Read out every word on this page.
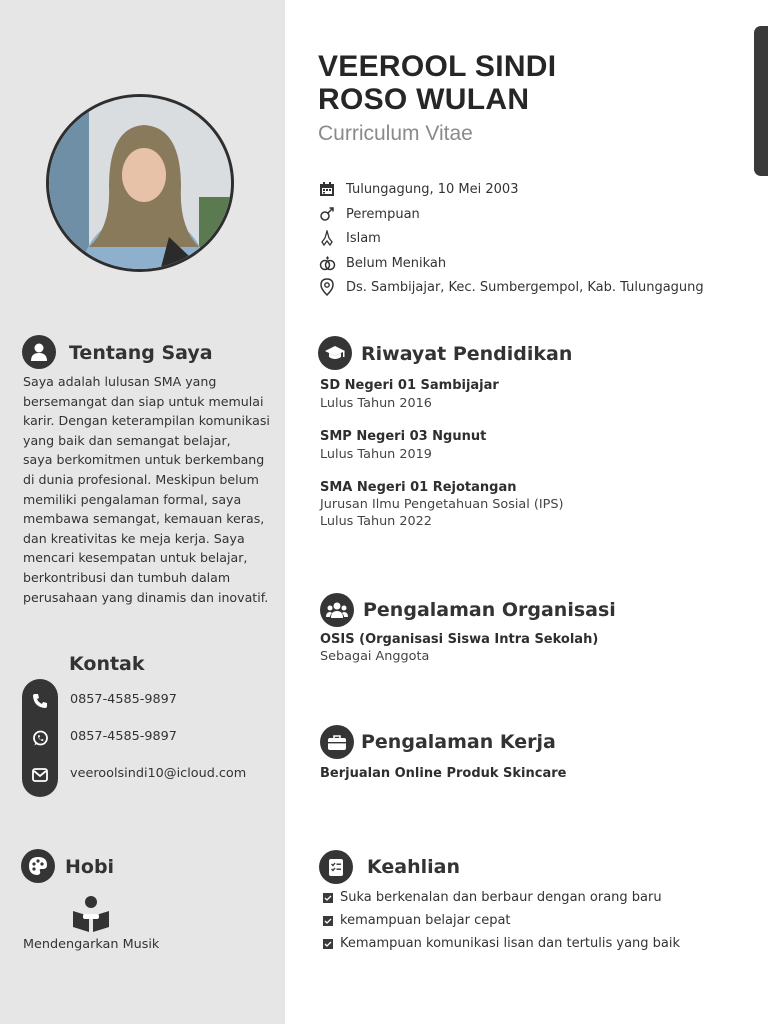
Tentang Saya
Saya adalah lulusan SMA yang
bersemangat dan siap untuk memulai
karir. Dengan keterampilan komunikasi
yang baik dan semangat belajar,
saya berkomitmen untuk berkembang
di dunia profesional. Meskipun belum
memiliki pengalaman formal, saya
membawa semangat, kemauan keras,
dan kreativitas ke meja kerja. Saya
mencari kesempatan untuk belajar,
berkontribusi dan tumbuh dalam
perusahaan yang dinamis dan inovatif.
Kontak
0857-4585-9897
0857-4585-9897
veeroolsindi10@icloud.com
Hobi
Mendengarkan Musik
VEEROOL SINDI
ROSO WULAN
Curriculum Vitae
Tulungagung, 10 Mei 2003
Perempuan
Islam
Belum Menikah
Ds. Sambijajar, Kec. Sumbergempol, Kab. Tulungagung
Riwayat Pendidikan
SD Negeri 01 Sambijajar
Lulus Tahun 2016
SMP Negeri 03 Ngunut
Lulus Tahun 2019
SMA Negeri 01 Rejotangan
Jurusan Ilmu Pengetahuan Sosial (IPS)
Lulus Tahun 2022
Pengalaman Organisasi
OSIS (Organisasi Siswa Intra Sekolah)
Sebagai Anggota
Pengalaman Kerja
Berjualan Online Produk Skincare
Keahlian
Suka berkenalan dan berbaur dengan orang baru
kemampuan belajar cepat
Kemampuan komunikasi lisan dan tertulis yang baik
